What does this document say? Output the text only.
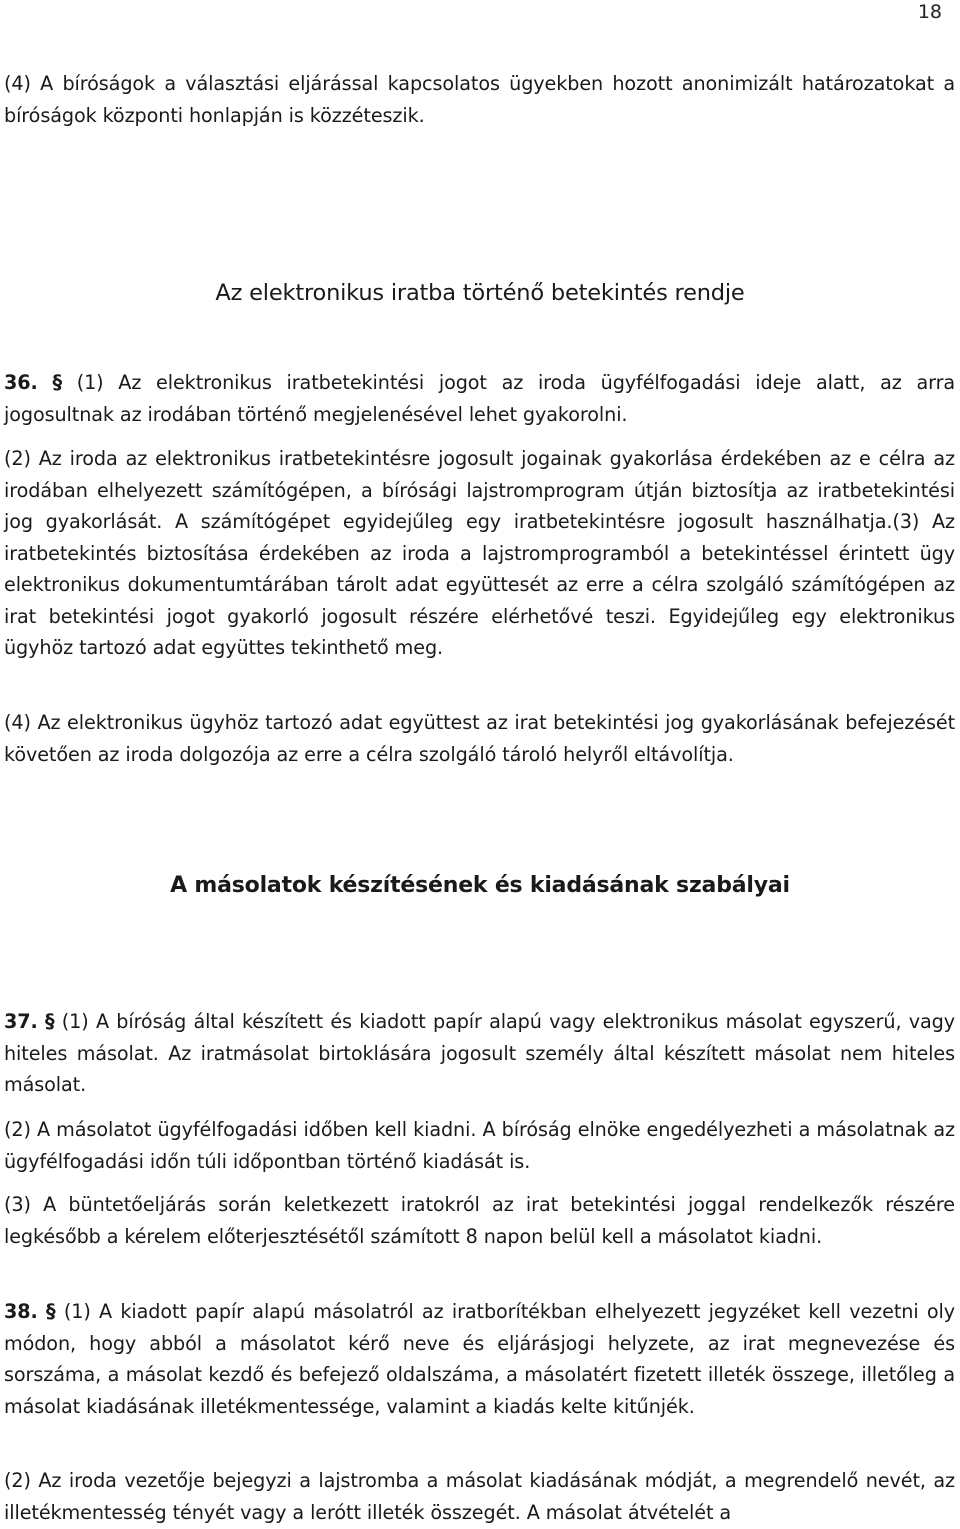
18

(4) A bíróságok a választási eljárással kapcsolatos ügyekben hozott anonimizált határozatokat a bíróságok központi honlapján is közzéteszik.

Az elektronikus iratba történő betekintés rendje

36. § (1) Az elektronikus iratbetekintési jogot az iroda ügyfélfogadási ideje alatt, az arra jogosultnak az irodában történő megjelenésével lehet gyakorolni.

(2) Az iroda az elektronikus iratbetekintésre jogosult jogainak gyakorlása érdekében az e célra az irodában elhelyezett számítógépen, a bírósági lajstromprogram útján biztosítja az iratbetekintési jog gyakorlását. A számítógépet egyidejűleg egy iratbetekintésre jogosult használhatja.(3) Az iratbetekintés biztosítása érdekében az iroda a lajstromprogramból a betekintéssel érintett ügy elektronikus dokumentumtárában tárolt adat együttesét az erre a célra szolgáló számítógépen az irat betekintési jogot gyakorló jogosult részére elérhetővé teszi. Egyidejűleg egy elektronikus ügyhöz tartozó adat együttes tekinthető meg.

(4) Az elektronikus ügyhöz tartozó adat együttest az irat betekintési jog gyakorlásának befejezését követően az iroda dolgozója az erre a célra szolgáló tároló helyről eltávolítja.

A másolatok készítésének és kiadásának szabályai

37. § (1) A bíróság által készített és kiadott papír alapú vagy elektronikus másolat egyszerű, vagy hiteles másolat. Az iratmásolat birtoklására jogosult személy által készített másolat nem hiteles másolat.

(2) A másolatot ügyfélfogadási időben kell kiadni. A bíróság elnöke engedélyezheti a másolatnak az ügyfélfogadási időn túli időpontban történő kiadását is.

(3) A büntetőeljárás során keletkezett iratokról az irat betekintési joggal rendelkezők részére legkésőbb a kérelem előterjesztésétől számított 8 napon belül kell a másolatot kiadni.

38. § (1) A kiadott papír alapú másolatról az iratborítékban elhelyezett jegyzéket kell vezetni oly módon, hogy abból a másolatot kérő neve és eljárásjogi helyzete, az irat megnevezése és sorszáma, a másolat kezdő és befejező oldalszáma, a másolatért fizetett illeték összege, illetőleg a másolat kiadásának illetékmentessége, valamint a kiadás kelte kitűnjék.

(2) Az iroda vezetője bejegyzi a lajstromba a másolat kiadásának módját, a megrendelő nevét, az illetékmentesség tényét vagy a lerótt illeték összegét. A másolat átvételét a
